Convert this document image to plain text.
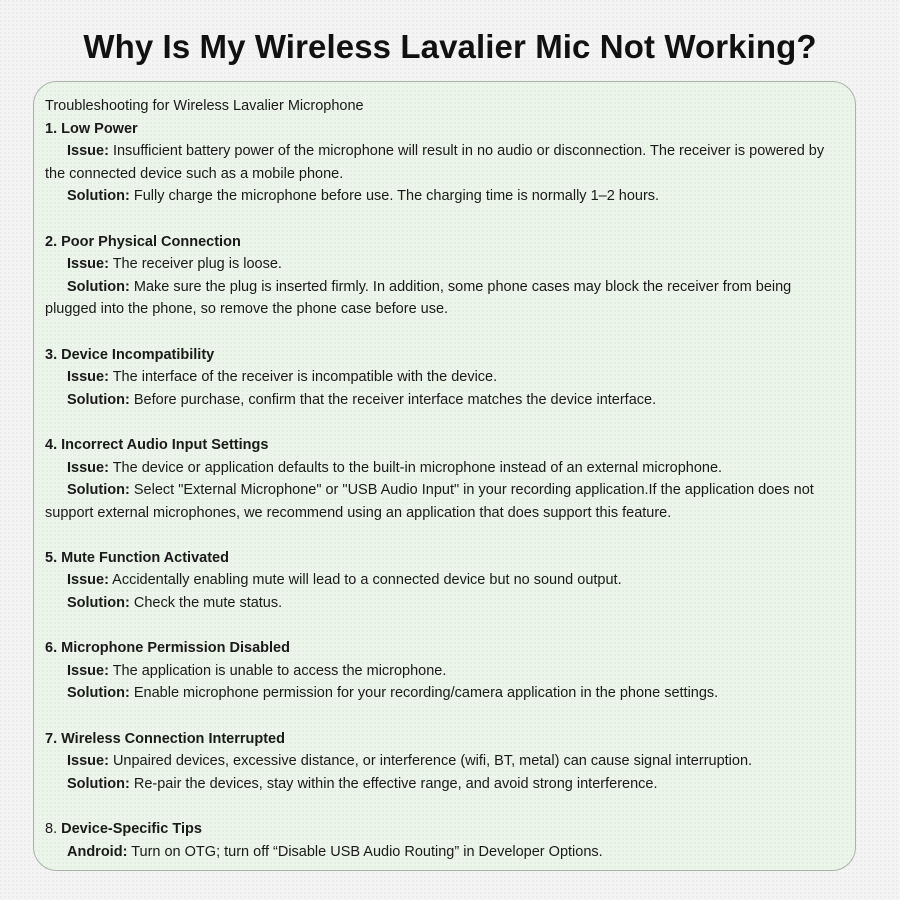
Why Is My Wireless Lavalier Mic Not Working?

Troubleshooting for Wireless Lavalier Microphone

1. Low Power

Issue: Insufficient battery power of the microphone will result in no audio or disconnection. The receiver is powered by the connected device such as a mobile phone.

Solution: Fully charge the microphone before use. The charging time is normally 1–2 hours.

2. Poor Physical Connection

Issue: The receiver plug is loose.

Solution: Make sure the plug is inserted firmly. In addition, some phone cases may block the receiver from being plugged into the phone, so remove the phone case before use.

3. Device Incompatibility

Issue: The interface of the receiver is incompatible with the device.

Solution: Before purchase, confirm that the receiver interface matches the device interface.

4. Incorrect Audio Input Settings

Issue: The device or application defaults to the built-in microphone instead of an external microphone.

Solution: Select "External Microphone" or "USB Audio Input" in your recording application.If the application does not support external microphones, we recommend using an application that does support this feature.

5. Mute Function Activated

Issue: Accidentally enabling mute will lead to a connected device but no sound output.

Solution: Check the mute status.

6. Microphone Permission Disabled

Issue: The application is unable to access the microphone.

Solution: Enable microphone permission for your recording/camera application in the phone settings.

7. Wireless Connection Interrupted

Issue: Unpaired devices, excessive distance, or interference (wifi, BT, metal) can cause signal interruption.

Solution: Re-pair the devices, stay within the effective range, and avoid strong interference.

8. Device-Specific Tips

Android: Turn on OTG; turn off “Disable USB Audio Routing” in Developer Options.
